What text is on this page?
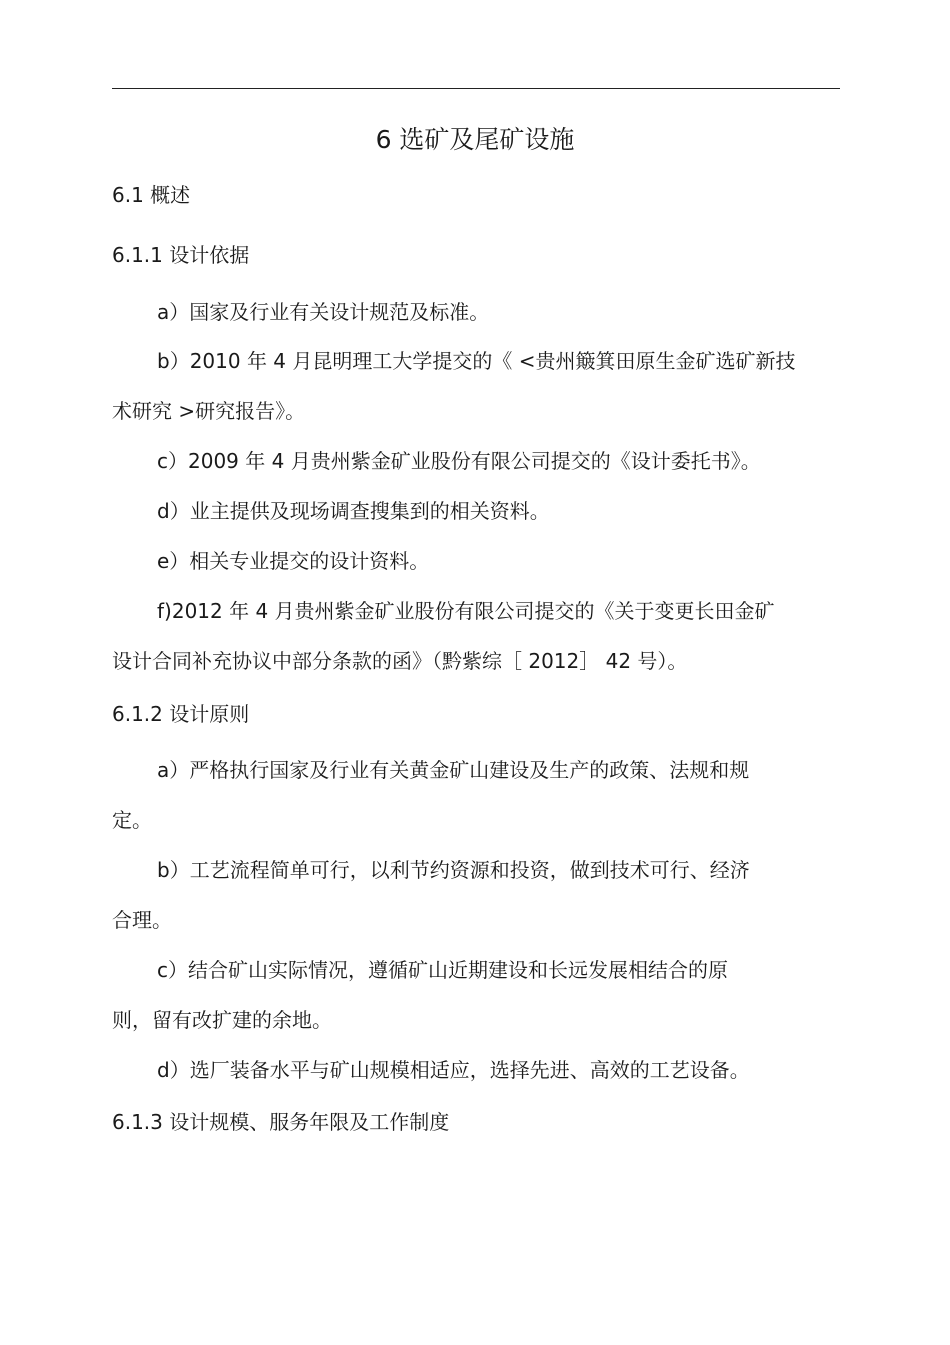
6 选矿及尾矿设施
6.1 概述
6.1.1 设计依据
a）国家及行业有关设计规范及标准。
b）2010 年 4 月昆明理工大学提交的《 <贵州簸箕田原生金矿选矿新技
术研究 >研究报告》。
c）2009 年 4 月贵州紫金矿业股份有限公司提交的《设计委托书》。
d）业主提供及现场调查搜集到的相关资料。
e）相关专业提交的设计资料。
f)2012 年 4 月贵州紫金矿业股份有限公司提交的《关于变更长田金矿
设计合同补充协议中部分条款的函》（黔紫综［ 2012］ 42 号）。
6.1.2 设计原则
a）严格执行国家及行业有关黄金矿山建设及生产的政策、法规和规
定。
b）工艺流程简单可行，以利节约资源和投资，做到技术可行、经济
合理。
c）结合矿山实际情况，遵循矿山近期建设和长远发展相结合的原
则，留有改扩建的余地。
d）选厂装备水平与矿山规模相适应，选择先进、高效的工艺设备。
6.1.3 设计规模、服务年限及工作制度
